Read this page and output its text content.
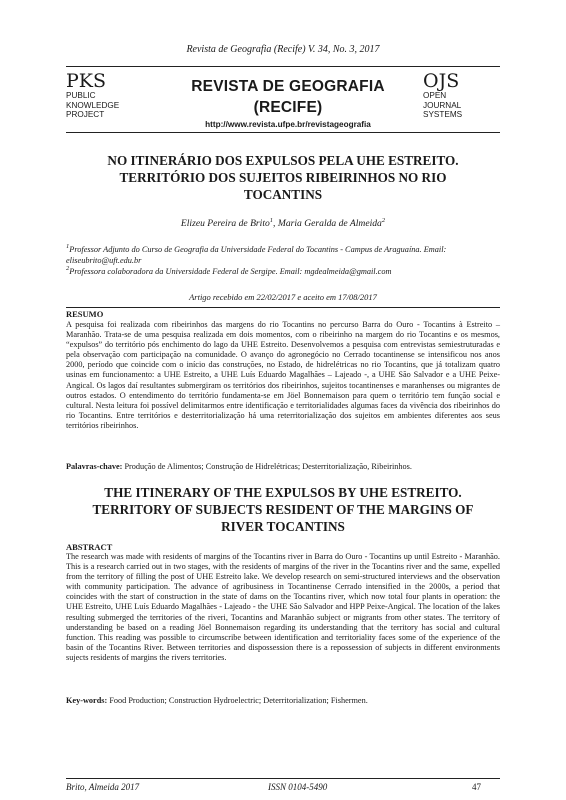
Revista de Geografia (Recife) V. 34, No. 3, 2017
PKS
PUBLIC
KNOWLEDGE
PROJECT
REVISTA DE GEOGRAFIA
(RECIFE)
http://www.revista.ufpe.br/revistageografia
OJS
OPEN
JOURNAL
SYSTEMS
NO ITINERÁRIO DOS EXPULSOS PELA UHE ESTREITO.
TERRITÓRIO DOS SUJEITOS RIBEIRINHOS NO RIO
TOCANTINS
Elizeu Pereira de Brito$^1$, Maria Geralda de Almeida$^2$
$^1$Professor Adjunto do Curso de Geografia da Universidade Federal do Tocantins - Campus de Araguaína. Email: eliseubrito@uft.edu.br
$^2$Professora colaboradora da Universidade Federal de Sergipe. Email: mgdealmeida@gmail.com
Artigo recebido em 22/02/2017 e aceito em 17/08/2017
RESUMO
A pesquisa foi realizada com ribeirinhos das margens do rio Tocantins no percurso Barra do Ouro - Tocantins à Estreito – Maranhão. Trata-se de uma pesquisa realizada em dois momentos, com o ribeirinho na margem do rio Tocantins e os mesmos, “expulsos” do território pós enchimento do lago da UHE Estreito. Desenvolvemos a pesquisa com entrevistas semiestruturadas e pela observação com participação na comunidade. O avanço do agronegócio no Cerrado tocantinense se intensificou nos anos 2000, período que coincide com o início das construções, no Estado, de hidrelétricas no rio Tocantins, que já totalizam quatro usinas em funcionamento: a UHE Estreito, a UHE Luís Eduardo Magalhães – Lajeado -, a UHE São Salvador e a UHE Peixe-Angical. Os lagos daí resultantes submergiram os territórios dos ribeirinhos, sujeitos tocantinenses e maranhenses ou migrantes de outros estados. O entendimento do território fundamenta-se em Jöel Bonnemaison para quem o território tem função social e cultural. Nesta leitura foi possível delimitarmos entre identificação e territorialidades algumas faces da vivência dos ribeirinhos do rio Tocantins. Entre territórios e desterritorialização há uma reterritorialização dos sujeitos em ambientes diferentes aos seus territórios ribeirinhos.
Palavras-chave: Produção de Alimentos; Construção de Hidrelétricas; Desterritorialização, Ribeirinhos.
THE ITINERARY OF THE EXPULSOS BY UHE ESTREITO.
TERRITORY OF SUBJECTS RESIDENT OF THE MARGINS OF
RIVER TOCANTINS
ABSTRACT
The research was made with residents of margins of the Tocantins river in Barra do Ouro - Tocantins up until Estreito - Maranhão. This is a research carried out in two stages, with the residents of margins of the river in the Tocantins river and the same, expelled from the territory of filling the post of UHE Estreito lake. We develop research on semi-structured interviews and the observation with community participation. The advance of agribusiness in Tocantinense Cerrado intensified in the 2000s, a period that coincides with the start of construction in the state of dams on the Tocantins river, which now total four plants in operation: the UHE Estreito, UHE Luís Eduardo Magalhães - Lajeado - the UHE São Salvador and HPP Peixe-Angical. The location of the lakes resulting submerged the territories of the riveri, Tocantins and Maranhão subject or migrants from other states. The territory of understanding be based on a reading Jöel Bonnemaison regarding its understanding that the territory has social and cultural function. This reading was possible to circumscribe between identification and territoriality faces some of the experience of the basin of the Tocantins River. Between territories and dispossession there is a repossession of subjects in different environments sujects residents of margins the rivers territories.
Key-words: Food Production; Construction Hydroelectric; Deterritorialization; Fishermen.
Brito, Almeida 2017	ISSN 0104-5490	47
